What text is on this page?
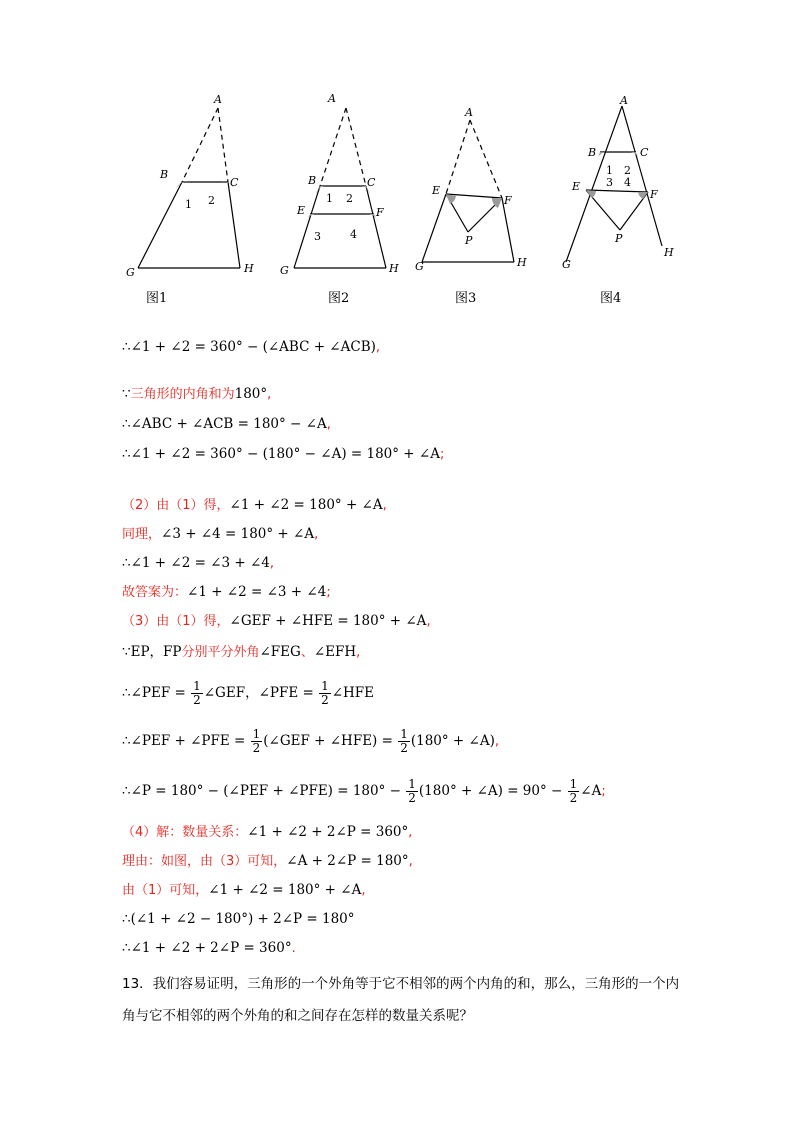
A
B
C
1 2
G	H
A
B	C
E	F
1 2
3	4
G	H
A
E
F
P
G	H
A
B	C
E
F
1 2
3 4
P
G
H
图1	图2	图3	图4
∴∠1 + ∠2 = 360° − (∠ABC + ∠ACB),
∵三角形的内角和为180°,
∴∠ABC + ∠ACB = 180° − ∠A,
∴∠1 + ∠2 = 360° − (180° − ∠A) = 180° + ∠A;
（2）由（1）得，∠1 + ∠2 = 180° + ∠A,
同理，∠3 + ∠4 = 180° + ∠A,
∴∠1 + ∠2 = ∠3 + ∠4,
故答案为：∠1 + ∠2 = ∠3 + ∠4;
（3）由（1）得，∠GEF + ∠HFE = 180° + ∠A,
∵EP，FP分别平分外角∠FEG、∠EFH,
∴∠PEF = $\frac{1}{2}$ ∠GEF，∠PFE = $\frac{1}{2}$ ∠HFE
∴∠PEF + ∠PFE = $\frac{1}{2}$ (∠GEF + ∠HFE) = $\frac{1}{2} (180^\circ$ + ∠A),
∴∠P = 180° − (∠PEF + ∠PFE) = $180^\circ - \frac{1}{2} (180^\circ$ + ∠A) = $90^\circ - \frac{1}{2}$ ∠A;
（4）解：数量关系：∠1 + ∠2 + 2∠P = 360°,
理由：如图，由（3）可知，∠A + 2∠P = 180°,
由（1）可知，∠1 + ∠2 = 180° + ∠A,
∴(∠1 + ∠2 − 180°) + 2∠P = 180°
∴∠1 + ∠2 + 2∠P = 360°.
13．我们容易证明，三角形的一个外角等于它不相邻的两个内角的和，那么，三角形的一个内角与它不相邻的两个外角的和之间存在怎样的数量关系呢？
